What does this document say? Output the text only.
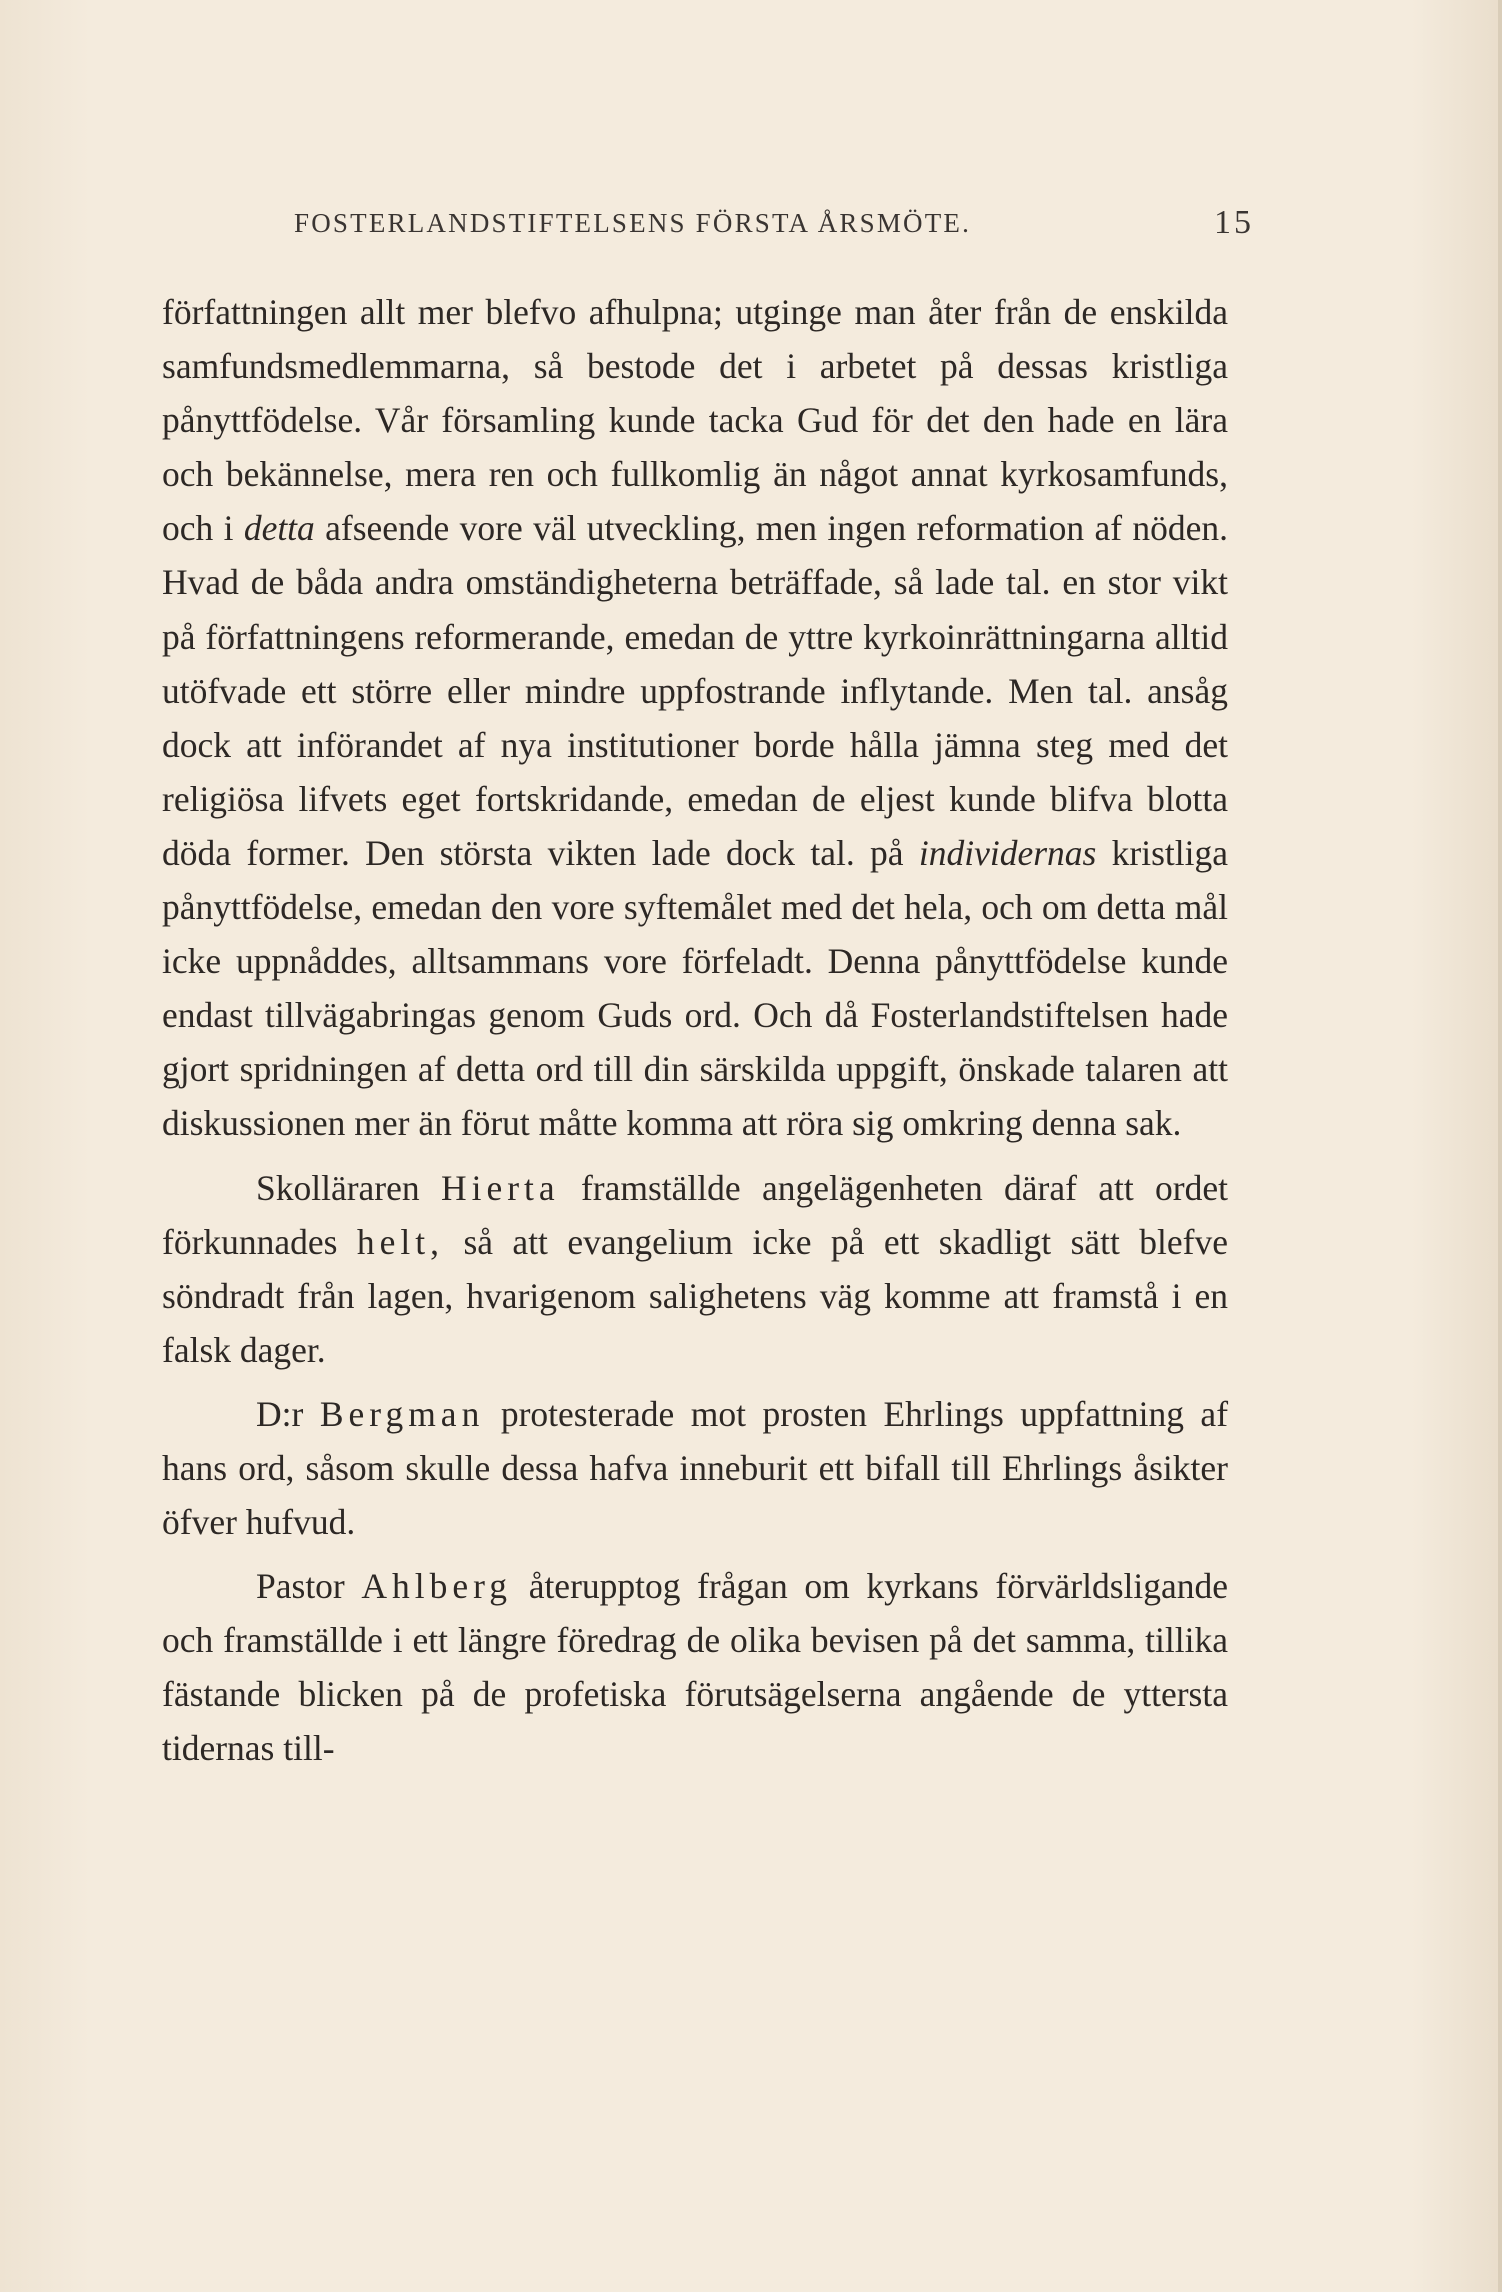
FOSTERLANDSTIFTELSENS FÖRSTA ÅRSMÖTE.	15

författningen allt mer blefvo afhulpna; utginge man åter från de enskilda samfundsmedlemmarna, så bestode det i arbetet på dessas kristliga pånyttfödelse. Vår församling kunde tacka Gud för det den hade en lära och bekännelse, mera ren och fullkomlig än något annat kyrkosamfunds, och i detta afseende vore väl utveckling, men ingen reformation af nöden. Hvad de båda andra omständigheterna beträffade, så lade tal. en stor vikt på författningens reformerande, emedan de yttre kyrkoinrättningarna alltid utöfvade ett större eller mindre uppfostrande inflytande. Men tal. ansåg dock att införandet af nya institutioner borde hålla jämna steg med det religiösa lifvets eget fortskridande, emedan de eljest kunde blifva blotta döda former. Den största vikten lade dock tal. på individernas kristliga pånyttfödelse, emedan den vore syftemålet med det hela, och om detta mål icke uppnåddes, alltsammans vore förfeladt. Denna pånyttfödelse kunde endast tillvägabringas genom Guds ord. Och då Fosterlandstiftelsen hade gjort spridningen af detta ord till din särskilda uppgift, önskade talaren att diskussionen mer än förut måtte komma att röra sig omkring denna sak.

Skolläraren Hierta framställde angelägenheten däraf att ordet förkunnades helt, så att evangelium icke på ett skadligt sätt blefve söndradt från lagen, hvarigenom salighetens väg komme att framstå i en falsk dager.

D:r Bergman protesterade mot prosten Ehrlings uppfattning af hans ord, såsom skulle dessa hafva inneburit ett bifall till Ehrlings åsikter öfver hufvud.

Pastor Ahlberg återupptog frågan om kyrkans förvärldsligande och framställde i ett längre föredrag de olika bevisen på det samma, tillika fästande blicken på de profetiska förutsägelserna angående de yttersta tidernas till-
